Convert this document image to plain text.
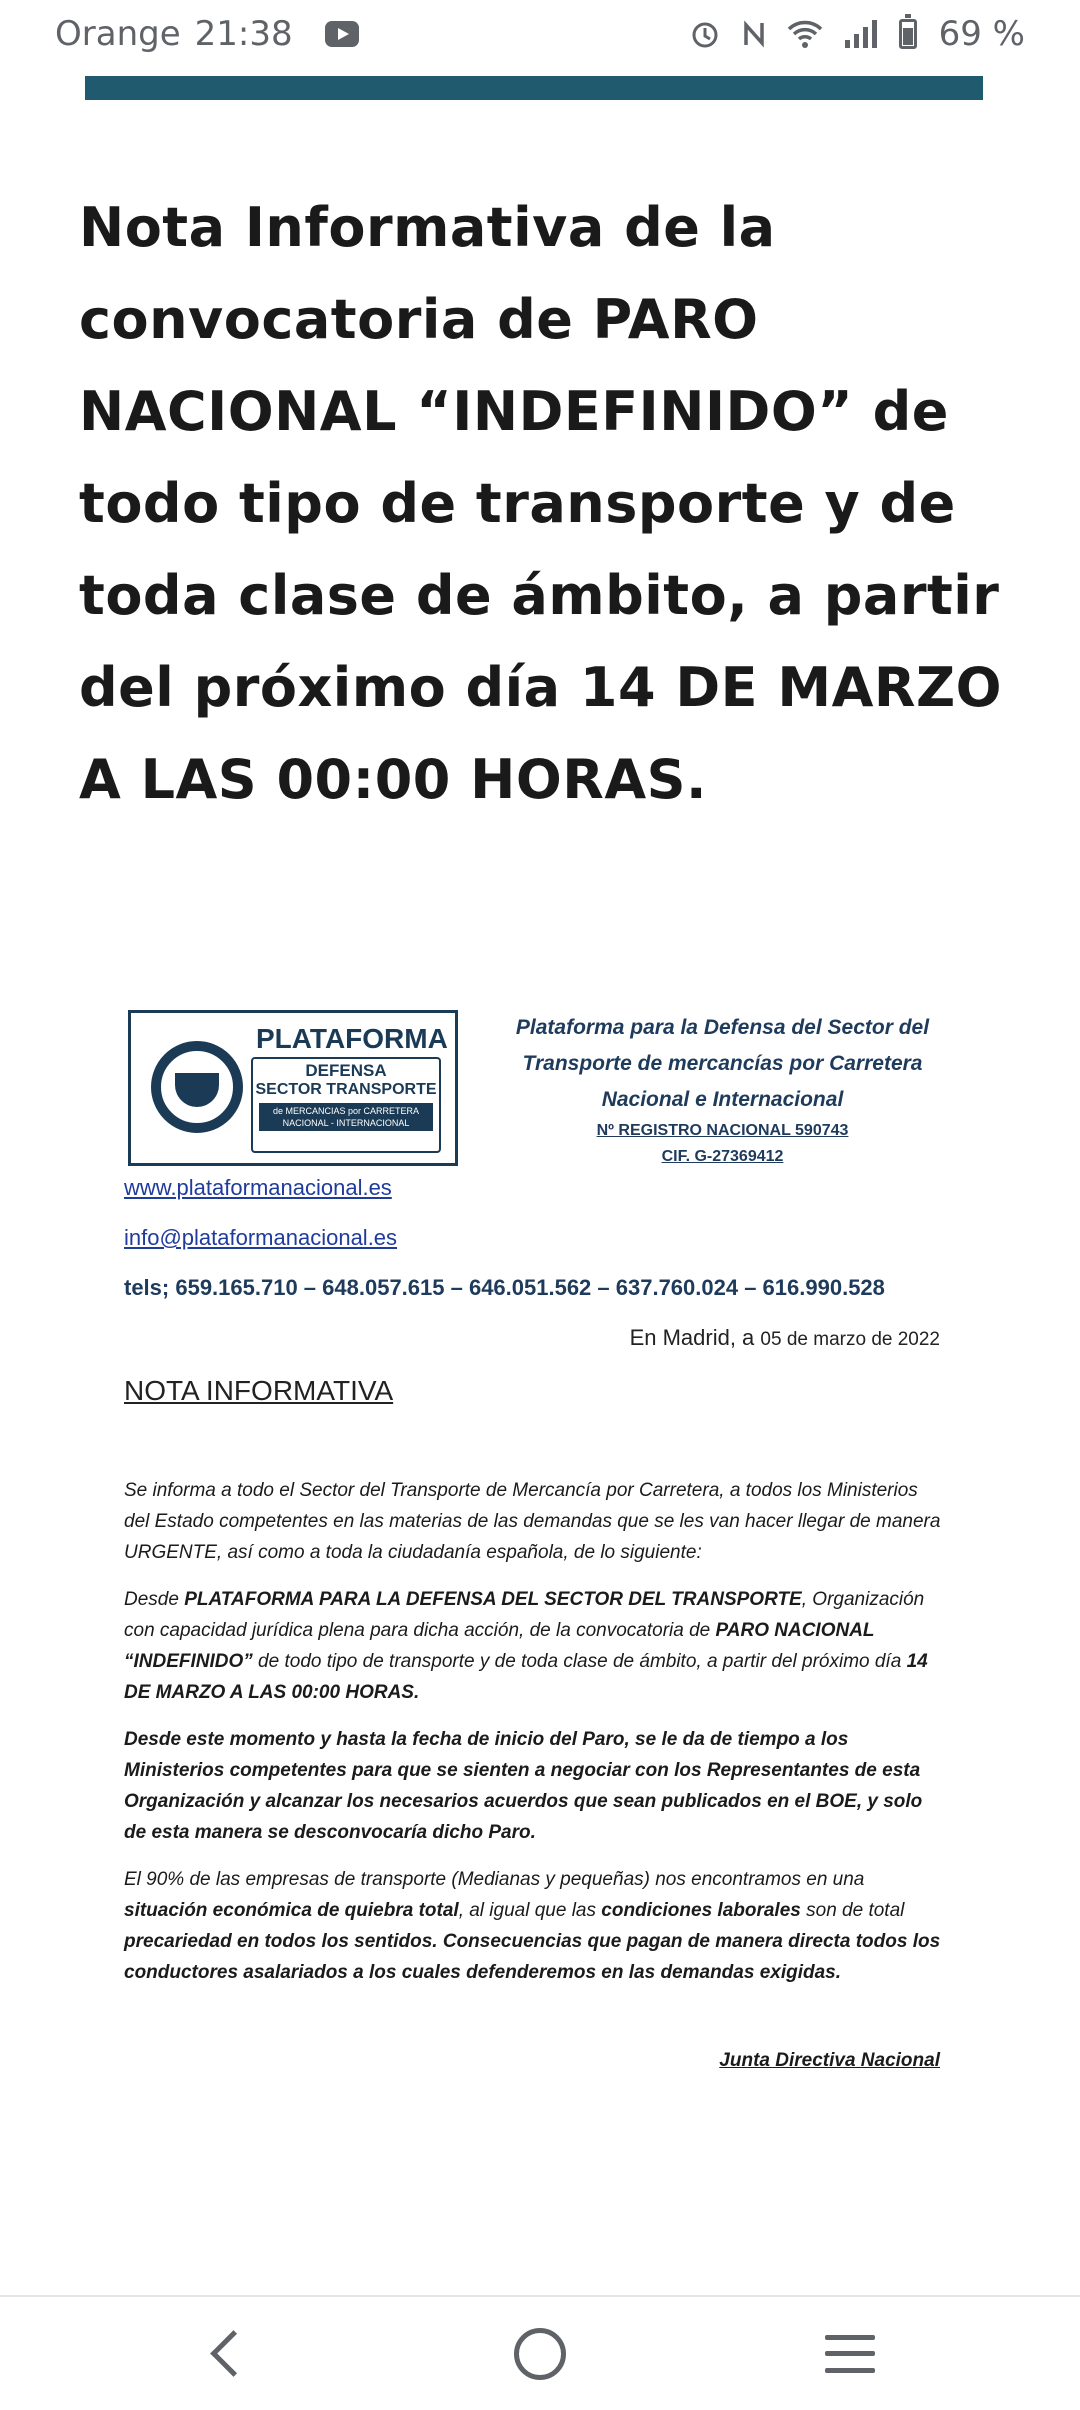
Orange 21:38	69 %
Nota Informativa de la convocatoria de PARO NACIONAL “INDEFINIDO” de todo tipo de transporte y de toda clase de ámbito, a partir del próximo día 14 DE MARZO A LAS 00:00 HORAS.
PLATAFORMA
DEFENSA
SECTOR TRANSPORTE
de MERCANCIAS por CARRETERA NACIONAL - INTERNACIONAL
Plataforma para la Defensa del Sector del
Transporte de mercancías por Carretera
Nacional e Internacional
Nº REGISTRO NACIONAL 590743
CIF. G-27369412
www.plataformanacional.es
info@plataformanacional.es
tels; 659.165.710 – 648.057.615 – 646.051.562 – 637.760.024 – 616.990.528
En Madrid, a 05 de marzo de 2022
NOTA INFORMATIVA
Se informa a todo el Sector del Transporte de Mercancía por Carretera, a todos los Ministerios del Estado competentes en las materias de las demandas que se les van hacer llegar de manera URGENTE, así como a toda la ciudadanía española, de lo siguiente:
Desde PLATAFORMA PARA LA DEFENSA DEL SECTOR DEL TRANSPORTE, Organización con capacidad jurídica plena para dicha acción, de la convocatoria de PARO NACIONAL “INDEFINIDO” de todo tipo de transporte y de toda clase de ámbito, a partir del próximo día 14 DE MARZO A LAS 00:00 HORAS.
Desde este momento y hasta la fecha de inicio del Paro, se le da de tiempo a los Ministerios competentes para que se sienten a negociar con los Representantes de esta Organización y alcanzar los necesarios acuerdos que sean publicados en el BOE, y solo de esta manera se desconvocaría dicho Paro.
El 90% de las empresas de transporte (Medianas y pequeñas) nos encontramos en una situación económica de quiebra total, al igual que las condiciones laborales son de total precariedad en todos los sentidos. Consecuencias que pagan de manera directa todos los conductores asalariados a los cuales defenderemos en las demandas exigidas.
Junta Directiva Nacional
